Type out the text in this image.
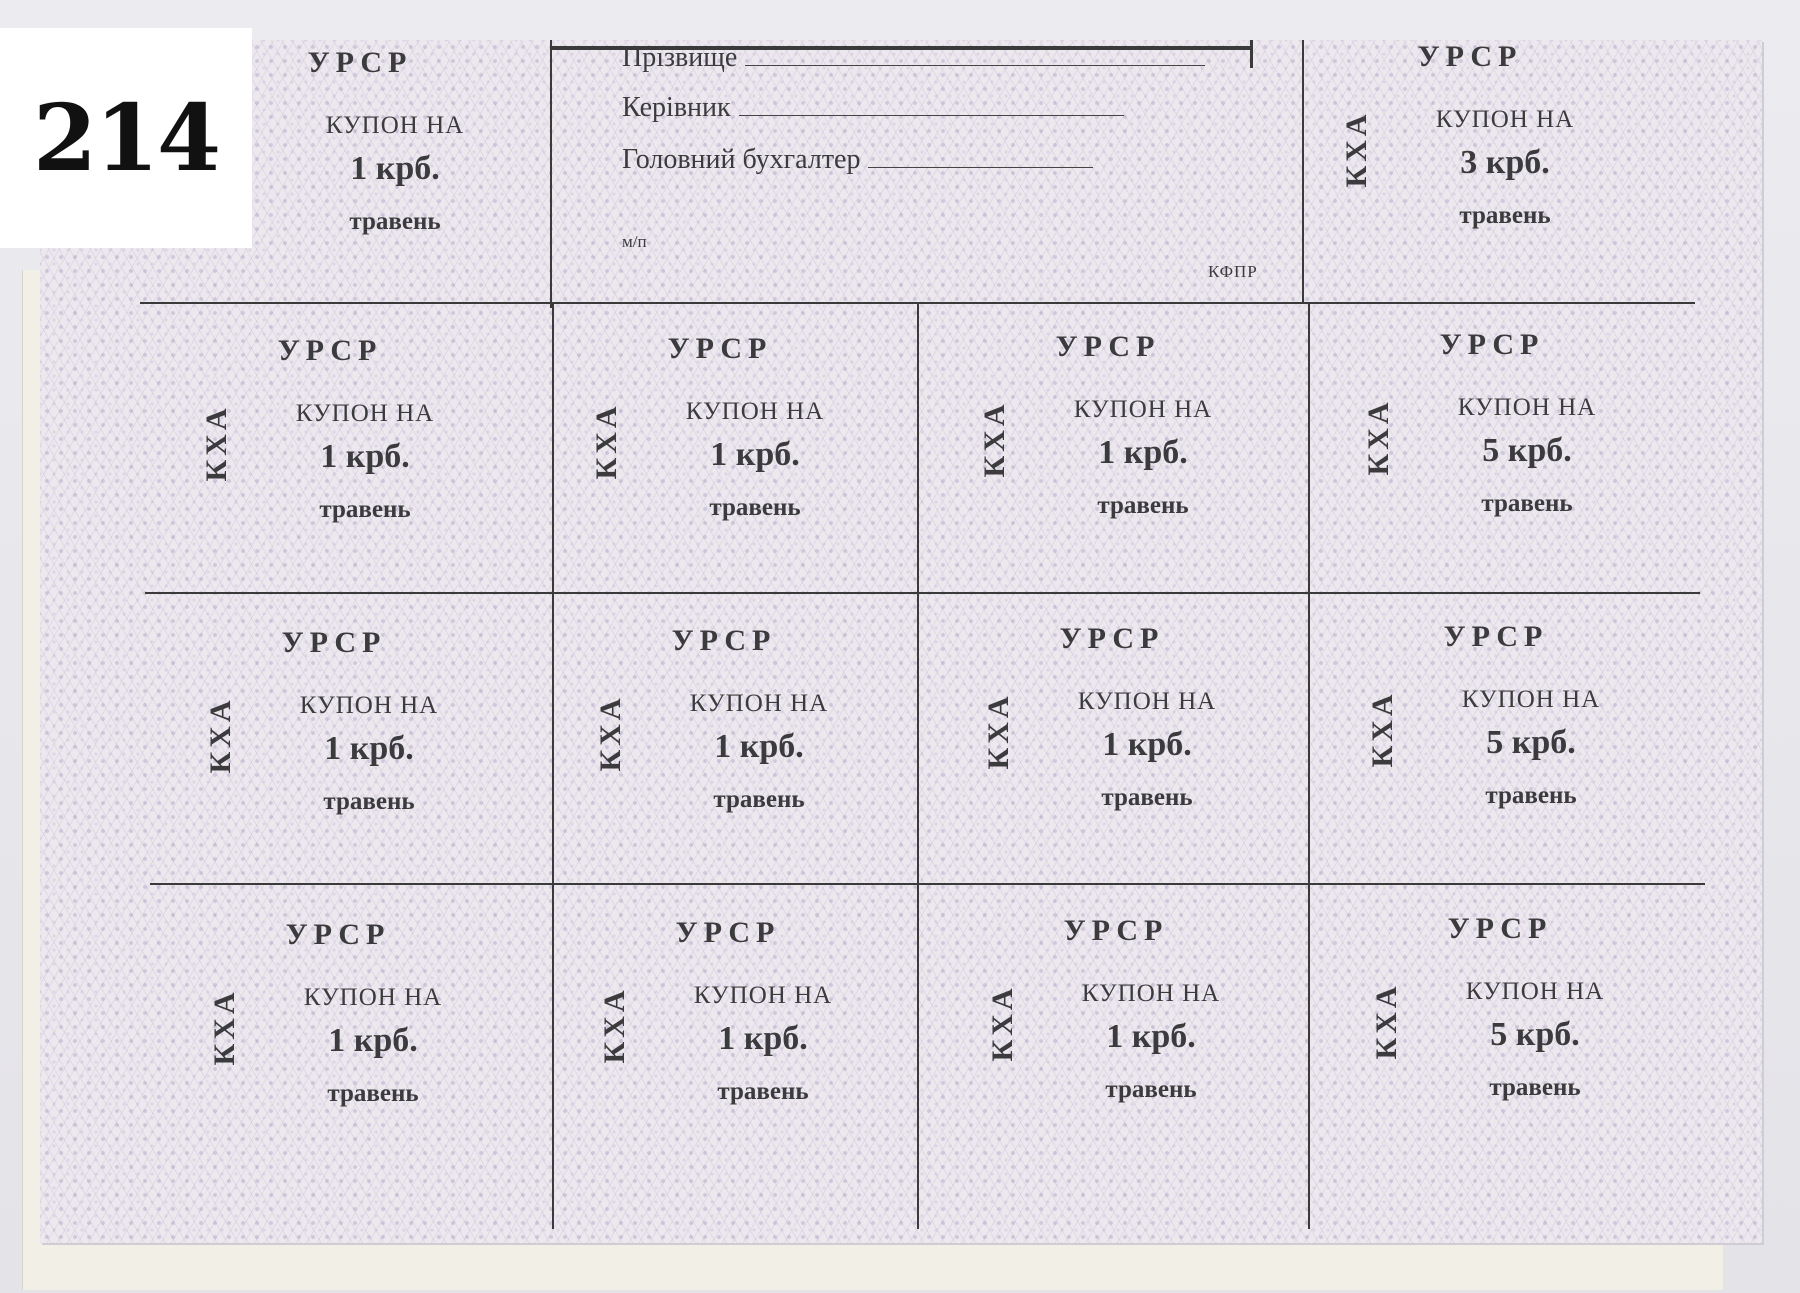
Прізвище
Керівник
Головний бухгалтер
м/п
КФПР
УРСР
КУПОН НА
1 крб.
травень
УРСР
КХА	КУПОН НА
3 крб.
травень
УРСР
КХА	КУПОН НА
1 крб.
травень
УРСР
КХА	КУПОН НА
1 крб.
травень
УРСР
КХА	КУПОН НА
1 крб.
травень
УРСР
КХА	КУПОН НА
5 крб.
травень
УРСР
КХА	КУПОН НА
1 крб.
травень
УРСР
КХА	КУПОН НА
1 крб.
травень
УРСР
КХА	КУПОН НА
1 крб.
травень
УРСР
КХА	КУПОН НА
5 крб.
травень
УРСР
КХА	КУПОН НА
1 крб.
травень
УРСР
КХА	КУПОН НА
1 крб.
травень
УРСР
КХА	КУПОН НА
1 крб.
травень
УРСР
КХА	КУПОН НА
5 крб.
травень
214
